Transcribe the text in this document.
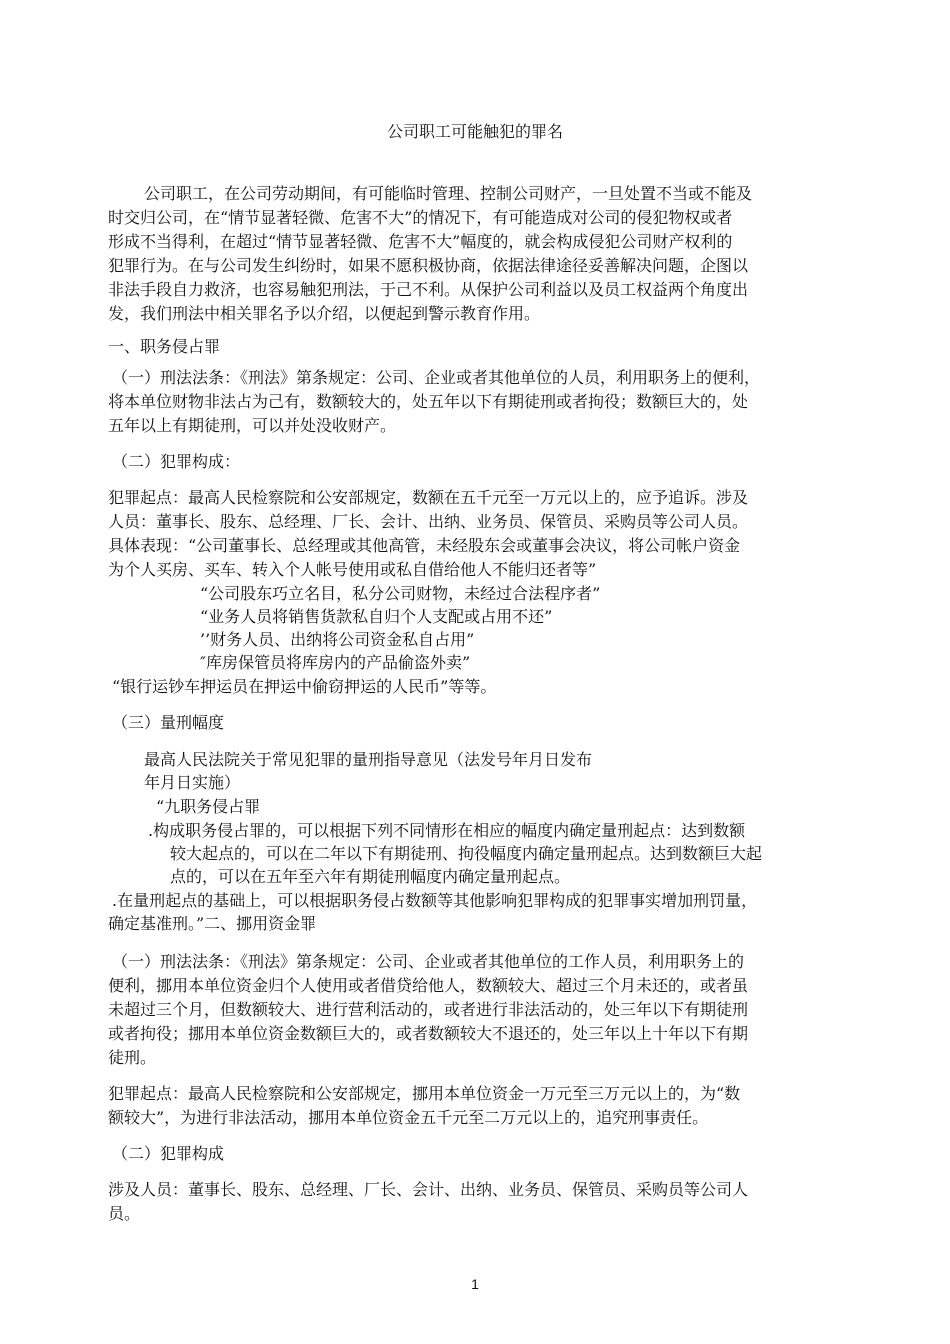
公司职工可能触犯的罪名
公司职工，在公司劳动期间，有可能临时管理、控制公司财产，一旦处置不当或不能及
时交归公司，在“情节显著轻微、危害不大”的情况下，有可能造成对公司的侵犯物权或者
形成不当得利，在超过“情节显著轻微、危害不大”幅度的，就会构成侵犯公司财产权利的
犯罪行为。在与公司发生纠纷时，如果不愿积极协商，依据法律途径妥善解决问题，企图以
非法手段自力救济，也容易触犯刑法，于己不利。从保护公司利益以及员工权益两个角度出
发，我们刑法中相关罪名予以介绍，以便起到警示教育作用。
一、职务侵占罪
（一）刑法法条：《刑法》第条规定：公司、企业或者其他单位的人员，利用职务上的便利，
将本单位财物非法占为己有，数额较大的，处五年以下有期徒刑或者拘役；数额巨大的，处
五年以上有期徒刑，可以并处没收财产。
（二）犯罪构成：
犯罪起点：最高人民检察院和公安部规定，数额在五千元至一万元以上的，应予追诉。涉及
人员：董事长、股东、总经理、厂长、会计、出纳、业务员、保管员、采购员等公司人员。
具体表现：“公司董事长、总经理或其他高管，未经股东会或董事会决议，将公司帐户资金
为个人买房、买车、转入个人帐号使用或私自借给他人不能归还者等”
“公司股东巧立名目，私分公司财物，未经过合法程序者”
“业务人员将销售货款私自归个人支配或占用不还”
’’财务人员、出纳将公司资金私自占用”
″库房保管员将库房内的产品偷盗外卖”
“银行运钞车押运员在押运中偷窃押运的人民币”等等。
（三）量刑幅度
最高人民法院关于常见犯罪的量刑指导意见（法发号年月日发布
年月日实施）
“九职务侵占罪
.构成职务侵占罪的，可以根据下列不同情形在相应的幅度内确定量刑起点：达到数额
较大起点的，可以在二年以下有期徒刑、拘役幅度内确定量刑起点。达到数额巨大起
点的，可以在五年至六年有期徒刑幅度内确定量刑起点。
.在量刑起点的基础上，可以根据职务侵占数额等其他影响犯罪构成的犯罪事实增加刑罚量，
确定基准刑。”二、挪用资金罪
（一）刑法法条：《刑法》第条规定：公司、企业或者其他单位的工作人员，利用职务上的
便利，挪用本单位资金归个人使用或者借贷给他人，数额较大、超过三个月未还的，或者虽
未超过三个月，但数额较大、进行营利活动的，或者进行非法活动的，处三年以下有期徒刑
或者拘役；挪用本单位资金数额巨大的，或者数额较大不退还的，处三年以上十年以下有期
徒刑。
犯罪起点：最高人民检察院和公安部规定，挪用本单位资金一万元至三万元以上的，为“数
额较大”，为进行非法活动，挪用本单位资金五千元至二万元以上的，追究刑事责任。
（二）犯罪构成
涉及人员：董事长、股东、总经理、厂长、会计、出纳、业务员、保管员、采购员等公司人
员。
1
